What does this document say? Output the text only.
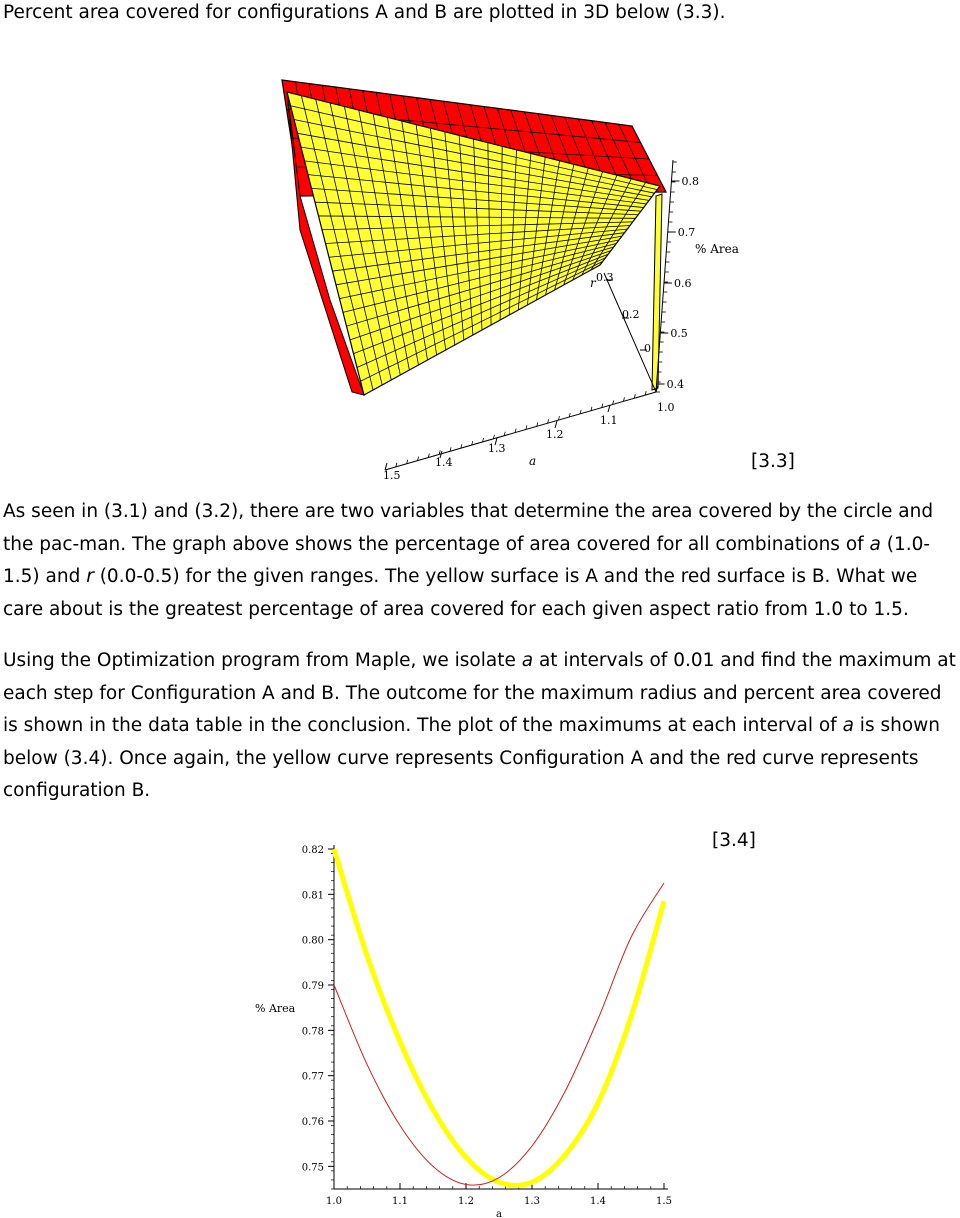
Percent area covered for configurations A and B are plotted in 3D below (3.3).

1.0
1.1
1.2
1.3
1.4
1.5
0
0.2
0.3
0.4
0.5
0.6
0.7
0.8
r
a
% Area
[3.3]

As seen in (3.1) and (3.2), there are two variables that determine the area covered by the circle and the pac-man. The graph above shows the percentage of area covered for all combinations of a (1.0-1.5) and r (0.0-0.5) for the given ranges. The yellow surface is A and the red surface is B. What we care about is the greatest percentage of area covered for each given aspect ratio from 1.0 to 1.5.

Using the Optimization program from Maple, we isolate a at intervals of 0.01 and find the maximum at each step for Configuration A and B. The outcome for the maximum radius and percent area covered is shown in the data table in the conclusion. The plot of the maximums at each interval of a is shown below (3.4). Once again, the yellow curve represents Configuration A and the red curve represents configuration B.

1.0	1.1	1.2	1.3	1.4	1.5
0.75
0.76
0.77
0.78
0.79
0.80
0.81
0.82
% Area
a
[3.4]
